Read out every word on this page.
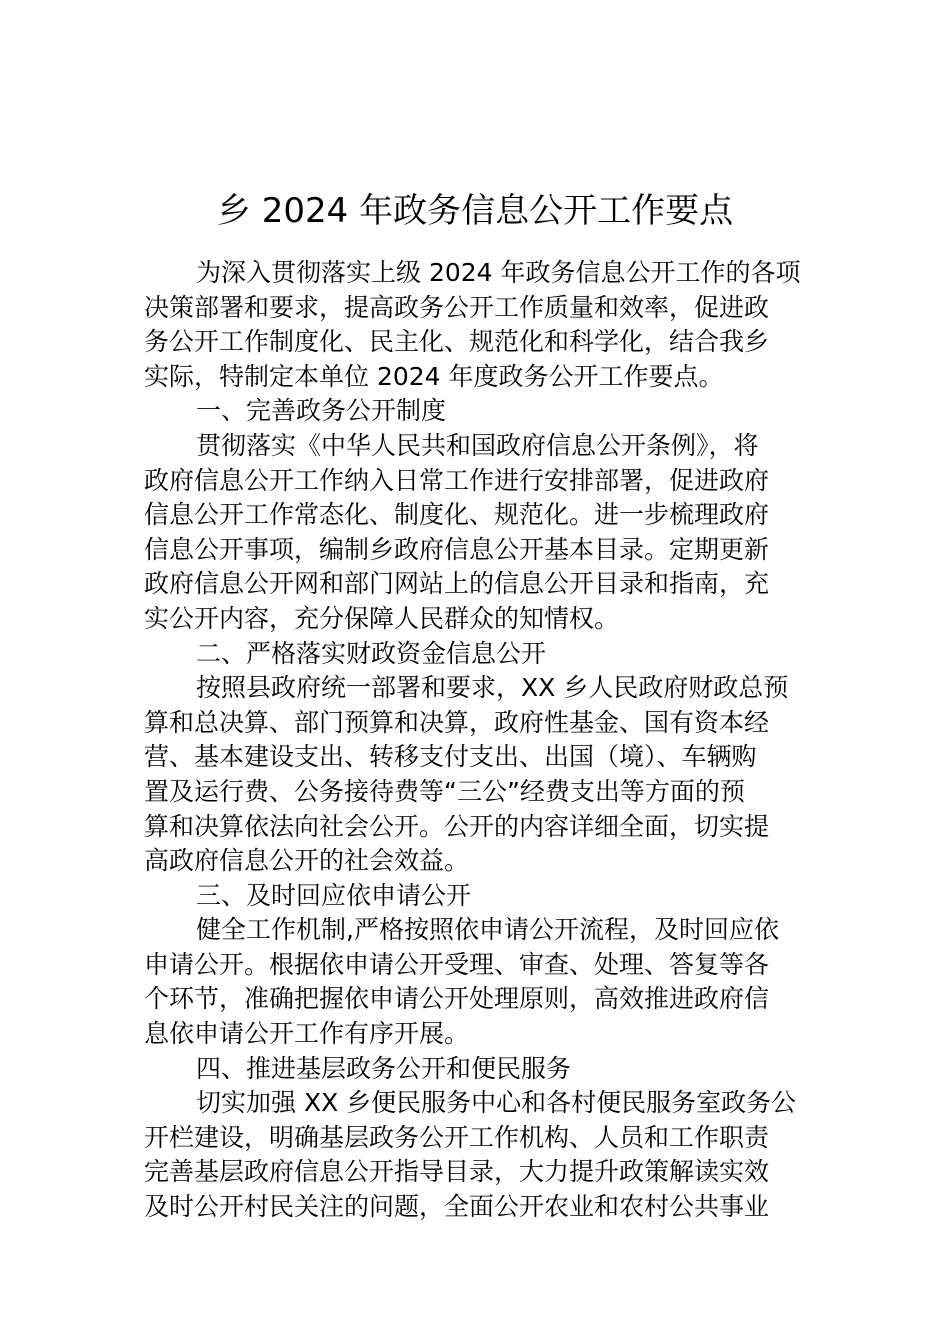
乡 2024 年政务信息公开工作要点
为深入贯彻落实上级 2024 年政务信息公开工作的各项
决策部署和要求，提高政务公开工作质量和效率，促进政
务公开工作制度化、民主化、规范化和科学化，结合我乡
实际，特制定本单位 2024 年度政务公开工作要点。
一、完善政务公开制度
贯彻落实《中华人民共和国政府信息公开条例》，将
政府信息公开工作纳入日常工作进行安排部署，促进政府
信息公开工作常态化、制度化、规范化。进一步梳理政府
信息公开事项，编制乡政府信息公开基本目录。定期更新
政府信息公开网和部门网站上的信息公开目录和指南，充
实公开内容，充分保障人民群众的知情权。
二、严格落实财政资金信息公开
按照县政府统一部署和要求，XX 乡人民政府财政总预
算和总决算、部门预算和决算，政府性基金、国有资本经
营、基本建设支出、转移支付支出、出国（境）、车辆购
置及运行费、公务接待费等“三公”经费支出等方面的预
算和决算依法向社会公开。公开的内容详细全面，切实提
高政府信息公开的社会效益。
三、及时回应依申请公开
健全工作机制,严格按照依申请公开流程，及时回应依
申请公开。根据依申请公开受理、审查、处理、答复等各
个环节，准确把握依申请公开处理原则，高效推进政府信
息依申请公开工作有序开展。
四、推进基层政务公开和便民服务
切实加强 XX 乡便民服务中心和各村便民服务室政务公
开栏建设，明确基层政务公开工作机构、人员和工作职责
完善基层政府信息公开指导目录，大力提升政策解读实效
及时公开村民关注的问题，全面公开农业和农村公共事业
